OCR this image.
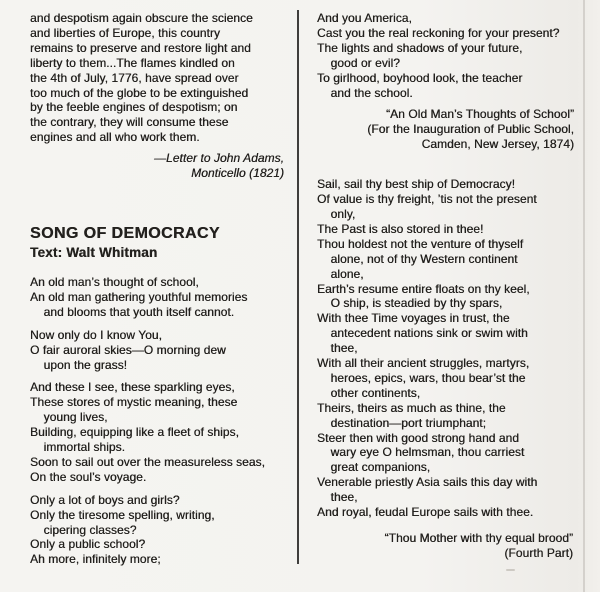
and despotism again obscure the science
and liberties of Europe, this country
remains to preserve and restore light and
liberty to them...The flames kindled on
the 4th of July, 1776, have spread over
too much of the globe to be extinguished
by the feeble engines of despotism; on
the contrary, they will consume these
engines and all who work them.
—Letter to John Adams,
Monticello (1821)
SONG OF DEMOCRACY
Text: Walt Whitman
An old man’s thought of school,
An old man gathering youthful memories
and blooms that youth itself cannot.
Now only do I know You,
O fair auroral skies—O morning dew
upon the grass!
And these I see, these sparkling eyes,
These stores of mystic meaning, these
young lives,
Building, equipping like a fleet of ships,
immortal ships.
Soon to sail out over the measureless seas,
On the soul’s voyage.
Only a lot of boys and girls?
Only the tiresome spelling, writing,
cipering classes?
Only a public school?
Ah more, infinitely more;
And you America,
Cast you the real reckoning for your present?
The lights and shadows of your future,
good or evil?
To girlhood, boyhood look, the teacher
and the school.
“An Old Man’s Thoughts of School”
(For the Inauguration of Public School,
Camden, New Jersey, 1874)
Sail, sail thy best ship of Democracy!
Of value is thy freight, ’tis not the present
only,
The Past is also stored in thee!
Thou holdest not the venture of thyself
alone, not of thy Western continent
alone,
Earth’s resume entire floats on thy keel,
O ship, is steadied by thy spars,
With thee Time voyages in trust, the
antecedent nations sink or swim with
thee,
With all their ancient struggles, martyrs,
heroes, epics, wars, thou bear’st the
other continents,
Theirs, theirs as much as thine, the
destination—port triumphant;
Steer then with good strong hand and
wary eye O helmsman, thou carriest
great companions,
Venerable priestly Asia sails this day with
thee,
And royal, feudal Europe sails with thee.
“Thou Mother with thy equal brood”
(Fourth Part)
